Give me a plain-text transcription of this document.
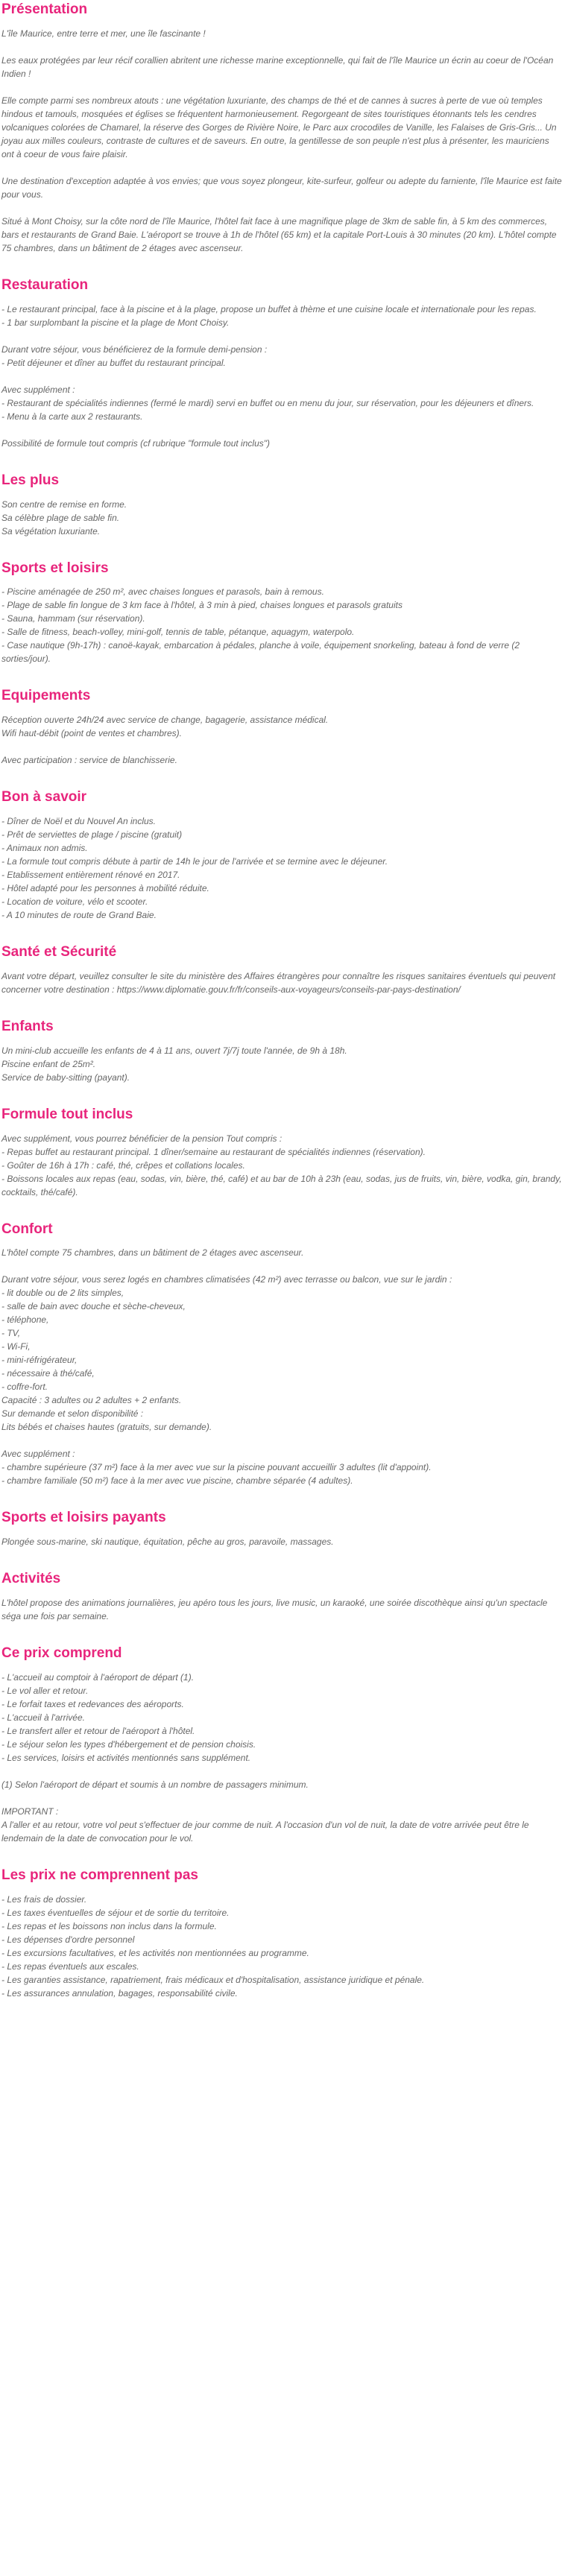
Présentation

L'île Maurice, entre terre et mer, une île fascinante !

Les eaux protégées par leur récif corallien abritent une richesse marine exceptionnelle, qui fait de l'île Maurice un écrin au coeur de l'Océan Indien !

Elle compte parmi ses nombreux atouts : une végétation luxuriante, des champs de thé et de cannes à sucres à perte de vue où temples hindous et tamouls, mosquées et églises se fréquentent harmonieusement. Regorgeant de sites touristiques étonnants tels les cendres volcaniques colorées de Chamarel, la réserve des Gorges de Rivière Noire, le Parc aux crocodiles de Vanille, les Falaises de Gris-Gris... Un joyau aux milles couleurs, contraste de cultures et de saveurs. En outre, la gentillesse de son peuple n'est plus à présenter, les mauriciens ont à coeur de vous faire plaisir.

Une destination d'exception adaptée à vos envies; que vous soyez plongeur, kite-surfeur, golfeur ou adepte du farniente, l'île Maurice est faite pour vous.

Situé à Mont Choisy, sur la côte nord de l'île Maurice, l'hôtel fait face à une magnifique plage de 3km de sable fin, à 5 km des commerces, bars et restaurants de Grand Baie. L'aéroport se trouve à 1h de l'hôtel (65 km) et la capitale Port-Louis à 30 minutes (20 km). L'hôtel compte 75 chambres, dans un bâtiment de 2 étages avec ascenseur.

Restauration

- Le restaurant principal, face à la piscine et à la plage, propose un buffet à thème et une cuisine locale et internationale pour les repas.
- 1 bar surplombant la piscine et la plage de Mont Choisy.

Durant votre séjour, vous bénéficierez de la formule demi-pension :
- Petit déjeuner et dîner au buffet du restaurant principal.

Avec supplément :
- Restaurant de spécialités indiennes (fermé le mardi) servi en buffet ou en menu du jour, sur réservation, pour les déjeuners et dîners.
- Menu à la carte aux 2 restaurants.

Possibilité de formule tout compris (cf rubrique "formule tout inclus")

Les plus

Son centre de remise en forme.
Sa célèbre plage de sable fin.
Sa végétation luxuriante.

Sports et loisirs

- Piscine aménagée de 250 m², avec chaises longues et parasols, bain à remous.
- Plage de sable fin longue de 3 km face à l'hôtel, à 3 min à pied, chaises longues et parasols gratuits
- Sauna, hammam (sur réservation).
- Salle de fitness, beach-volley, mini-golf, tennis de table, pétanque, aquagym, waterpolo.
- Case nautique (9h-17h) : canoë-kayak, embarcation à pédales, planche à voile, équipement snorkeling, bateau à fond de verre (2 sorties/jour).

Equipements

Réception ouverte 24h/24 avec service de change, bagagerie, assistance médical.
Wifi haut-débit (point de ventes et chambres).

Avec participation : service de blanchisserie.

Bon à savoir

- Dîner de Noël et du Nouvel An inclus.
- Prêt de serviettes de plage / piscine (gratuit)
- Animaux non admis.
- La formule tout compris débute à partir de 14h le jour de l'arrivée et se termine avec le déjeuner.
- Etablissement entièrement rénové en 2017.
- Hôtel adapté pour les personnes à mobilité réduite.
- Location de voiture, vélo et scooter.
- A 10 minutes de route de Grand Baie.

Santé et Sécurité

Avant votre départ, veuillez consulter le site du ministère des Affaires étrangères pour connaître les risques sanitaires éventuels qui peuvent concerner votre destination : https://www.diplomatie.gouv.fr/fr/conseils-aux-voyageurs/conseils-par-pays-destination/

Enfants

Un mini-club accueille les enfants de 4 à 11 ans, ouvert 7j/7j toute l'année, de 9h à 18h.
Piscine enfant de 25m².
Service de baby-sitting (payant).

Formule tout inclus

Avec supplément, vous pourrez bénéficier de la pension Tout compris :
- Repas buffet au restaurant principal. 1 dîner/semaine au restaurant de spécialités indiennes (réservation).
- Goûter de 16h à 17h : café, thé, crêpes et collations locales.
- Boissons locales aux repas (eau, sodas, vin, bière, thé, café) et au bar de 10h à 23h (eau, sodas, jus de fruits, vin, bière, vodka, gin, brandy, cocktails, thé/café).

Confort

L'hôtel compte 75 chambres, dans un bâtiment de 2 étages avec ascenseur.

Durant votre séjour, vous serez logés en chambres climatisées (42 m²) avec terrasse ou balcon, vue sur le jardin :
- lit double ou de 2 lits simples,
- salle de bain avec douche et sèche-cheveux,
- téléphone,
- TV,
- Wi-Fi,
- mini-réfrigérateur,
- nécessaire à thé/café,
- coffre-fort.
Capacité : 3 adultes ou 2 adultes + 2 enfants.
Sur demande et selon disponibilité :
Lits bébés et chaises hautes (gratuits, sur demande).

Avec supplément :
- chambre supérieure (37 m²) face à la mer avec vue sur la piscine pouvant accueillir 3 adultes (lit d'appoint).
- chambre familiale (50 m²) face à la mer avec vue piscine, chambre séparée (4 adultes).

Sports et loisirs payants

Plongée sous-marine, ski nautique, équitation, pêche au gros, paravoile, massages.

Activités

L'hôtel propose des animations journalières, jeu apéro tous les jours, live music, un karaoké, une soirée discothèque ainsi qu'un spectacle séga une fois par semaine.

Ce prix comprend

- L'accueil au comptoir à l'aéroport de départ (1).
- Le vol aller et retour.
- Le forfait taxes et redevances des aéroports.
- L'accueil à l'arrivée.
- Le transfert aller et retour de l'aéroport à l'hôtel.
- Le séjour selon les types d'hébergement et de pension choisis.
- Les services, loisirs et activités mentionnés sans supplément.

(1) Selon l'aéroport de départ et soumis à un nombre de passagers minimum.

IMPORTANT :
A l'aller et au retour, votre vol peut s'effectuer de jour comme de nuit. A l'occasion d'un vol de nuit, la date de votre arrivée peut être le lendemain de la date de convocation pour le vol.

Les prix ne comprennent pas

- Les frais de dossier.
- Les taxes éventuelles de séjour et de sortie du territoire.
- Les repas et les boissons non inclus dans la formule.
- Les dépenses d'ordre personnel
- Les excursions facultatives, et les activités non mentionnées au programme.
- Les repas éventuels aux escales.
- Les garanties assistance, rapatriement, frais médicaux et d'hospitalisation, assistance juridique et pénale.
- Les assurances annulation, bagages, responsabilité civile.
